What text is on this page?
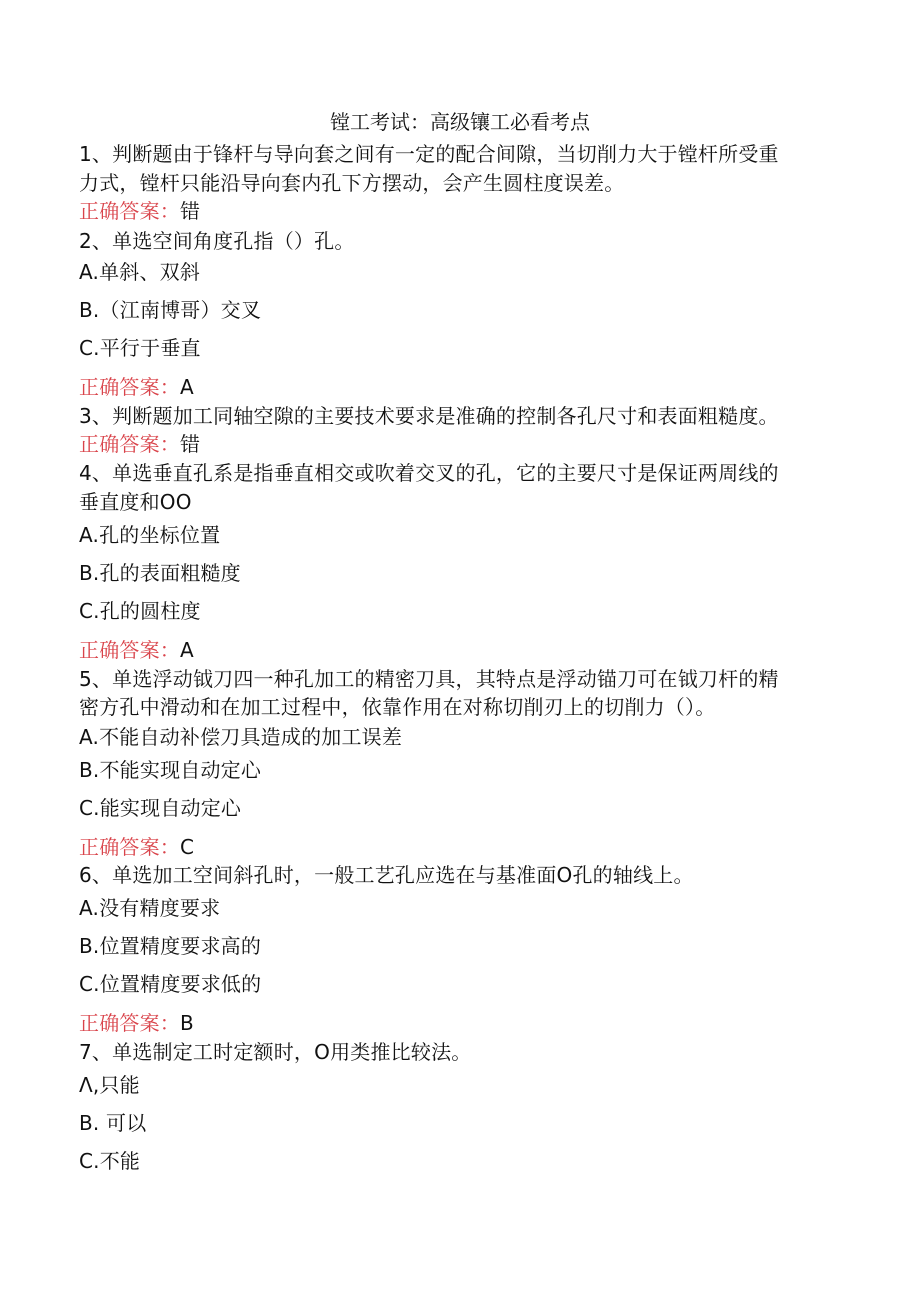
镗工考试：高级镶工必看考点
1、判断题由于锋杆与导向套之间有一定的配合间隙，当切削力大于镗杆所受重
力式，镗杆只能沿导向套内孔下方摆动，会产生圆柱度误差。
正确答案：错
2、单选空间角度孔指（）孔。
A.单斜、双斜
B.（江南博哥）交叉
C.平行于垂直
正确答案：A
3、判断题加工同轴空隙的主要技术要求是准确的控制各孔尺寸和表面粗糙度。
正确答案：错
4、单选垂直孔系是指垂直相交或吹着交叉的孔，它的主要尺寸是保证两周线的
垂直度和OO
A.孔的坐标位置
B.孔的表面粗糙度
C.孔的圆柱度
正确答案：A
5、单选浮动钺刀四一种孔加工的精密刀具，其特点是浮动锚刀可在钺刀杆的精
密方孔中滑动和在加工过程中，依靠作用在对称切削刃上的切削力（）。
A.不能自动补偿刀具造成的加工误差
B.不能实现自动定心
C.能实现自动定心
正确答案：C
6、单选加工空间斜孔时，一般工艺孔应选在与基准面O孔的轴线上。
A.没有精度要求
B.位置精度要求高的
C.位置精度要求低的
正确答案：B
7、单选制定工时定额时，O用类推比较法。
Λ,只能
B. 可以
C.不能
